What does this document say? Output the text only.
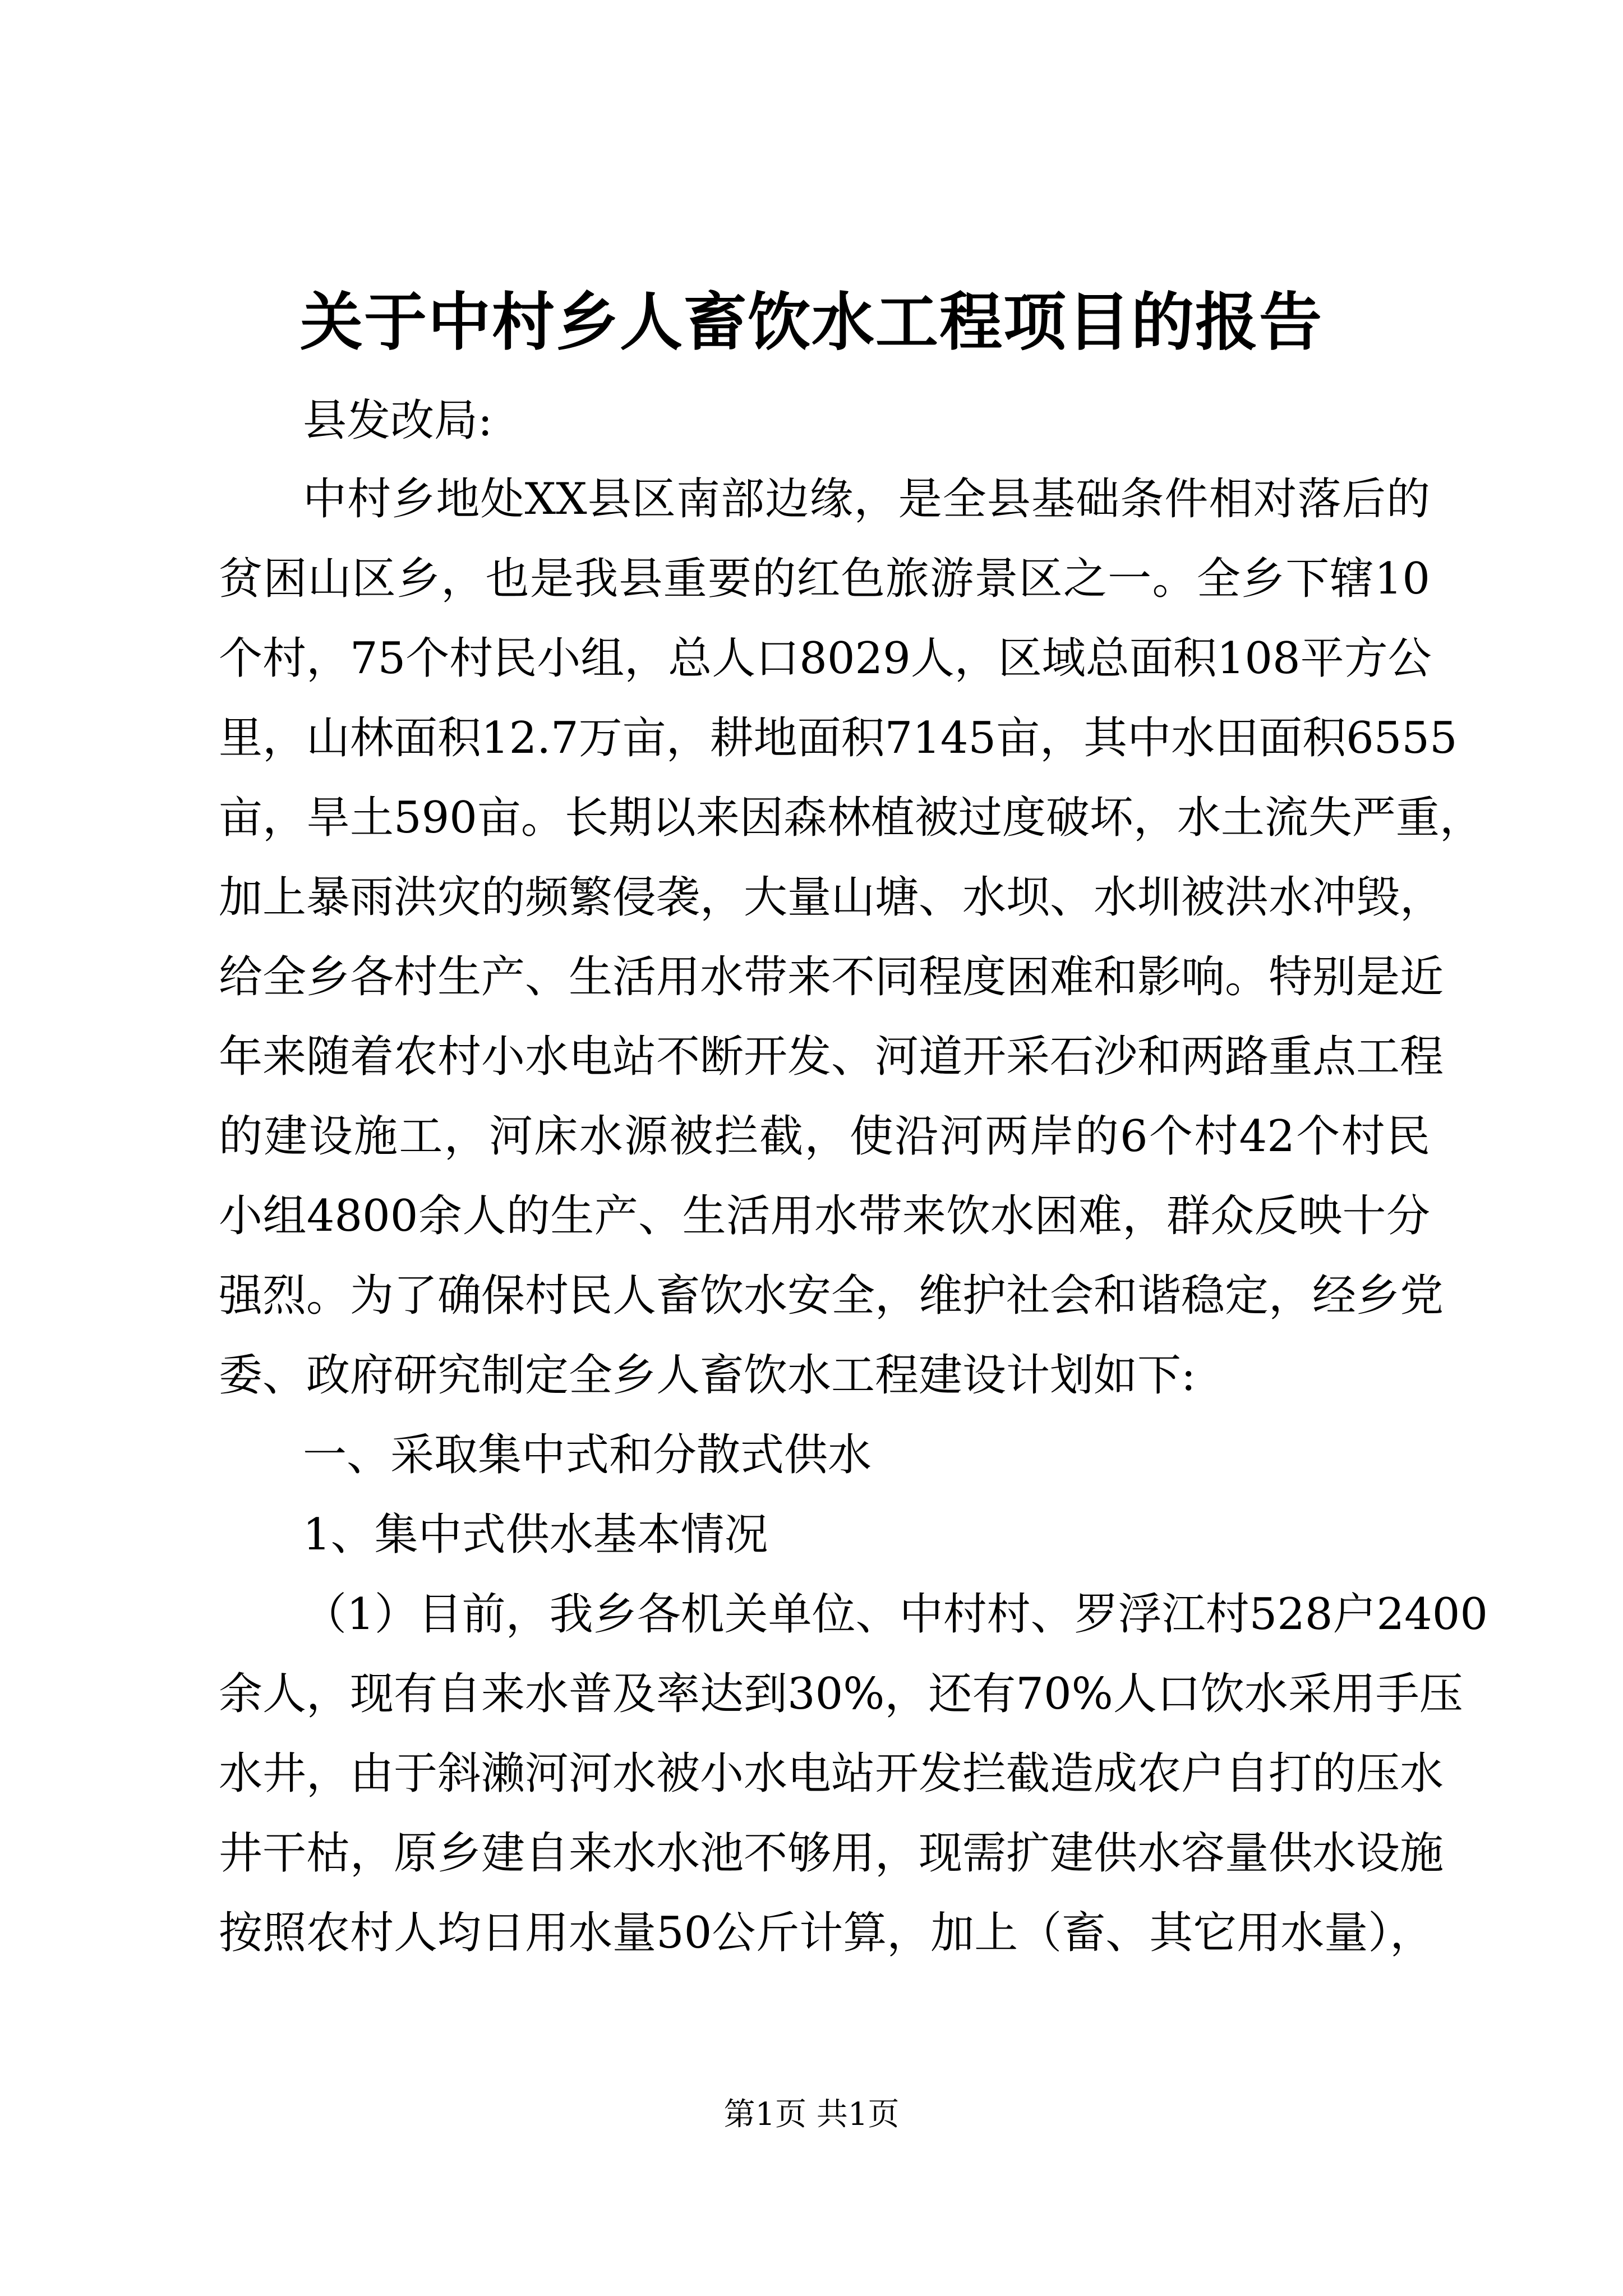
关于中村乡人畜饮水工程项目的报告
县发改局:
中村乡地处XX县区南部边缘，是全县基础条件相对落后的
贫困山区乡，也是我县重要的红色旅游景区之一。全乡下辖10
个村，75个村民小组，总人口8029人，区域总面积108平方公
里，山林面积12.7万亩，耕地面积7145亩，其中水田面积6555
亩，旱土590亩。长期以来因森林植被过度破坏，水土流失严重，
加上暴雨洪灾的频繁侵袭，大量山塘、水坝、水圳被洪水冲毁，
给全乡各村生产、生活用水带来不同程度困难和影响。特别是近
年来随着农村小水电站不断开发、河道开采石沙和两路重点工程
的建设施工，河床水源被拦截，使沿河两岸的6个村42个村民
小组4800余人的生产、生活用水带来饮水困难，群众反映十分
强烈。为了确保村民人畜饮水安全，维护社会和谐稳定，经乡党
委、政府研究制定全乡人畜饮水工程建设计划如下:
一、采取集中式和分散式供水
1、集中式供水基本情况
（1）目前，我乡各机关单位、中村村、罗浮江村528户2400
余人，现有自来水普及率达到30%，还有70%人口饮水采用手压
水井，由于斜濑河河水被小水电站开发拦截造成农户自打的压水
井干枯，原乡建自来水水池不够用，现需扩建供水容量供水设施
按照农村人均日用水量50公斤计算，加上（畜、其它用水量），
第1页 共1页
